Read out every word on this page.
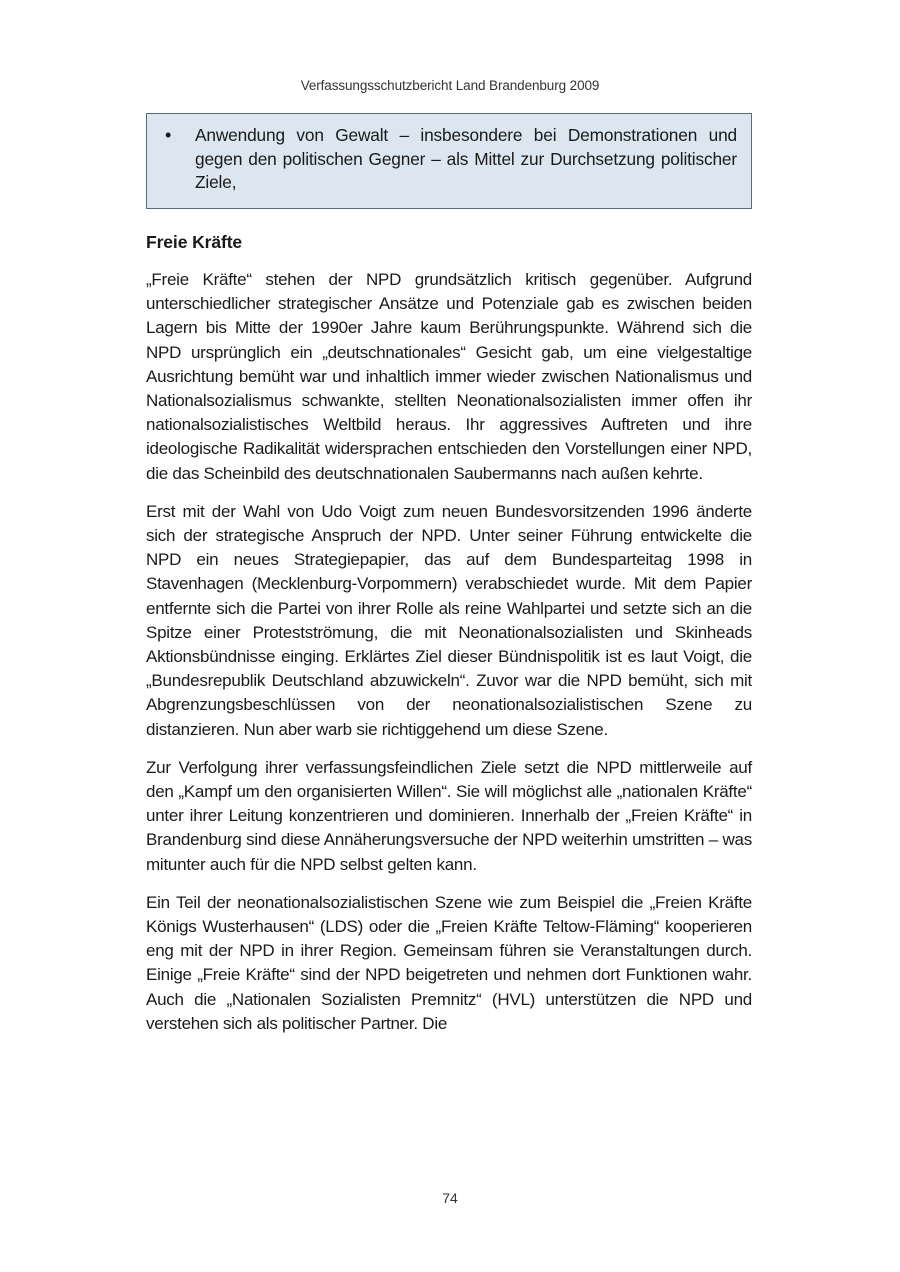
Verfassungsschutzbericht Land Brandenburg 2009
• Anwendung von Gewalt – insbesondere bei Demonstrationen und gegen den politischen Gegner – als Mittel zur Durchsetzung politischer Ziele,
Freie Kräfte

„Freie Kräfte“ stehen der NPD grundsätzlich kritisch gegenüber. Aufgrund unterschiedlicher strategischer Ansätze und Potenziale gab es zwischen beiden Lagern bis Mitte der 1990er Jahre kaum Berührungspunkte. Während sich die NPD ursprünglich ein „deutschnationales“ Gesicht gab, um eine vielgestaltige Ausrichtung bemüht war und inhaltlich immer wieder zwischen Nationalismus und Nationalsozialismus schwankte, stellten Neonationalsozialisten immer offen ihr nationalsozialistisches Weltbild heraus. Ihr aggressives Auftreten und ihre ideologische Radikalität widersprachen entschieden den Vorstellungen einer NPD, die das Scheinbild des deutschnationalen Saubermanns nach außen kehrte.

Erst mit der Wahl von Udo Voigt zum neuen Bundesvorsitzenden 1996 änderte sich der strategische Anspruch der NPD. Unter seiner Führung entwickelte die NPD ein neues Strategiepapier, das auf dem Bundesparteitag 1998 in Stavenhagen (Mecklenburg-Vorpommern) verabschiedet wurde. Mit dem Papier entfernte sich die Partei von ihrer Rolle als reine Wahlpartei und setzte sich an die Spitze einer Protestströmung, die mit Neonationalsozialisten und Skinheads Aktionsbündnisse einging. Erklärtes Ziel dieser Bündnispolitik ist es laut Voigt, die „Bundesrepublik Deutschland abzuwickeln“. Zuvor war die NPD bemüht, sich mit Abgrenzungsbeschlüssen von der neonationalsozialistischen Szene zu distanzieren. Nun aber warb sie richtiggehend um diese Szene.

Zur Verfolgung ihrer verfassungsfeindlichen Ziele setzt die NPD mittlerweile auf den „Kampf um den organisierten Willen“. Sie will möglichst alle „nationalen Kräfte“ unter ihrer Leitung konzentrieren und dominieren. Innerhalb der „Freien Kräfte“ in Brandenburg sind diese Annäherungsversuche der NPD weiterhin umstritten – was mitunter auch für die NPD selbst gelten kann.

Ein Teil der neonationalsozialistischen Szene wie zum Beispiel die „Freien Kräfte Königs Wusterhausen“ (LDS) oder die „Freien Kräfte Teltow-Fläming“ kooperieren eng mit der NPD in ihrer Region. Gemeinsam führen sie Veranstaltungen durch. Einige „Freie Kräfte“ sind der NPD beigetreten und nehmen dort Funktionen wahr. Auch die „Nationalen Sozialisten Premnitz“ (HVL) unterstützen die NPD und verstehen sich als politischer Partner. Die

74
